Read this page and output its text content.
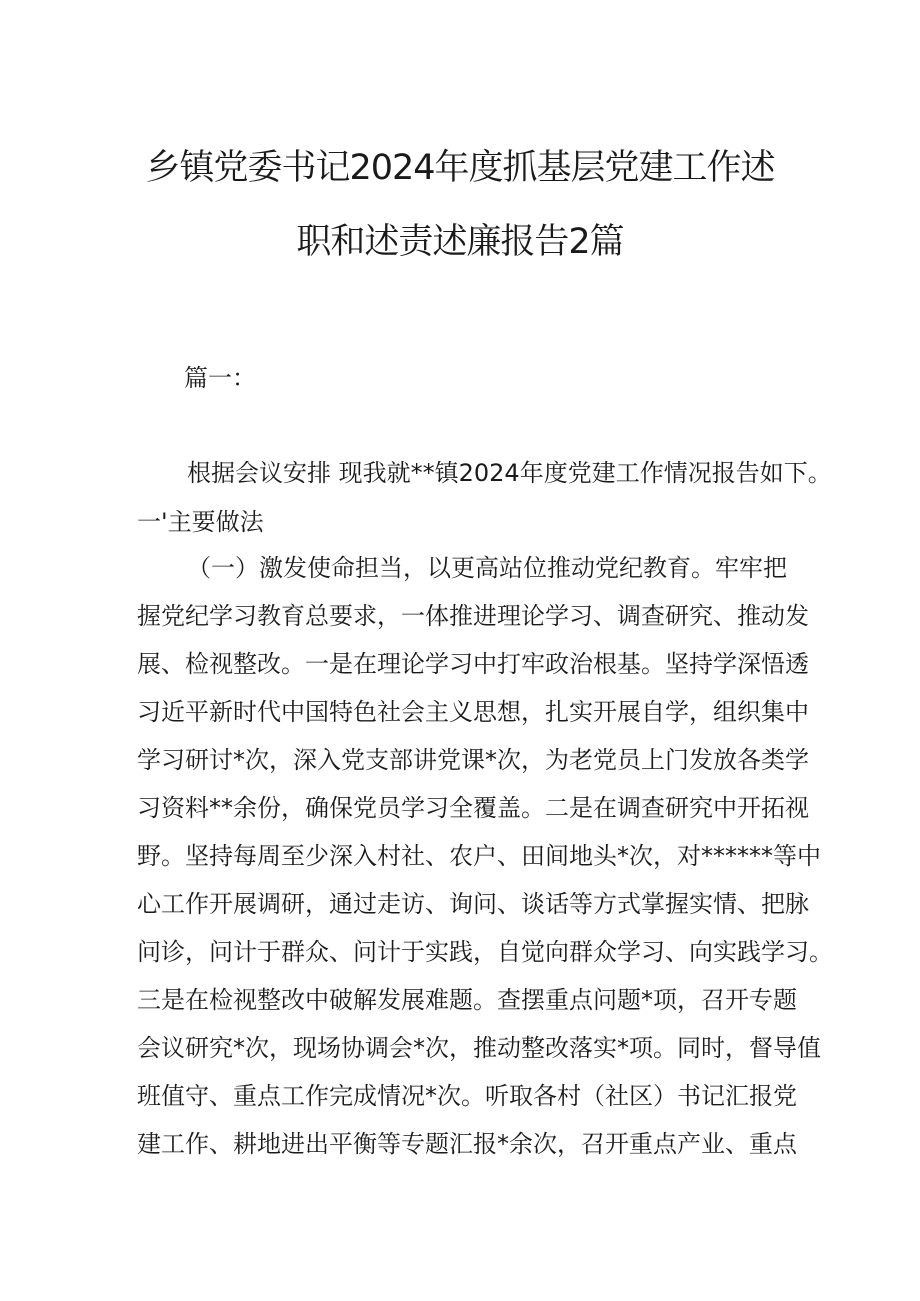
乡镇党委书记2024年度抓基层党建工作述
职和述责述廉报告2篇
篇一：
根据会议安排 现我就**镇2024年度党建工作情况报告如下。
一'主要做法
（一）激发使命担当，以更高站位推动党纪教育。牢牢把
握党纪学习教育总要求，一体推进理论学习、调查研究、推动发
展、检视整改。一是在理论学习中打牢政治根基。坚持学深悟透
习近平新时代中国特色社会主义思想，扎实开展自学，组织集中
学习研讨*次，深入党支部讲党课*次，为老党员上门发放各类学
习资料**余份，确保党员学习全覆盖。二是在调查研究中开拓视
野。坚持每周至少深入村社、农户、田间地头*次，对******等中
心工作开展调研，通过走访、询问、谈话等方式掌握实情、把脉
问诊，问计于群众、问计于实践，自觉向群众学习、向实践学习。
三是在检视整改中破解发展难题。查摆重点问题*项，召开专题
会议研究*次，现场协调会*次，推动整改落实*项。同时，督导值
班值守、重点工作完成情况*次。听取各村（社区）书记汇报党
建工作、耕地进出平衡等专题汇报*余次，召开重点产业、重点
